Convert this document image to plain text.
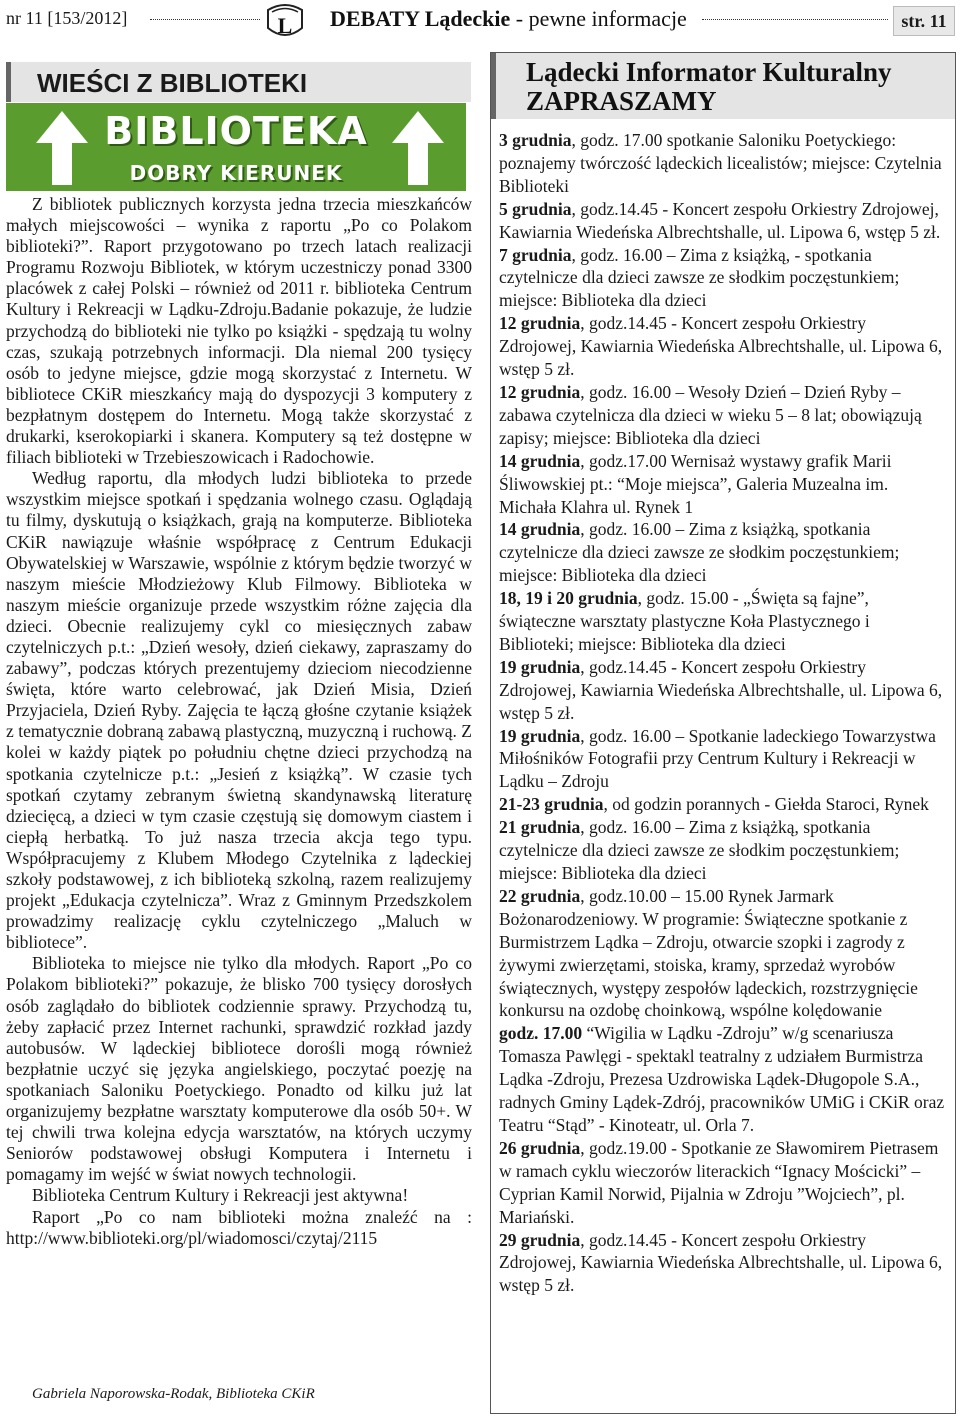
nr 11 [153/2012]	L DEBATY Lądeckie - pewne informacje	str. 11
WIEŚCI Z BIBLIOTEKI
BIBLIOTEKA
DOBRY KIERUNEK

Z bibliotek publicznych korzysta jedna trzecia mieszkańców małych miejscowości – wynika z raportu „Po co Polakom biblioteki?”. Raport przygotowano po trzech latach realizacji Programu Rozwoju Bibliotek, w którym uczestniczy ponad 3300 placówek z całej Polski – również od 2011 r. biblioteka Centrum Kultury i Rekreacji w Lądku-Zdroju.Badanie pokazuje, że ludzie przychodzą do biblioteki nie tylko po książki - spędzają tu wolny czas, szukają potrzebnych informacji. Dla niemal 200 tysięcy osób to jedyne miejsce, gdzie mogą skorzystać z Internetu. W bibliotece CKiR mieszkańcy mają do dyspozycji 3 komputery z bezpłatnym dostępem do Internetu. Mogą także skorzystać z drukarki, kserokopiarki i skanera. Komputery są też dostępne w filiach biblioteki w Trzebieszowicach i Radochowie.

Według raportu, dla młodych ludzi biblioteka to przede wszystkim miejsce spotkań i spędzania wolnego czasu. Oglądają tu filmy, dyskutują o książkach, grają na komputerze. Biblioteka CKiR nawiązuje właśnie współpracę z Centrum Edukacji Obywatelskiej w Warszawie, wspólnie z którym będzie tworzyć w naszym mieście Młodzieżowy Klub Filmowy. Biblioteka w naszym mieście organizuje przede wszystkim różne zajęcia dla dzieci. Obecnie realizujemy cykl co miesięcznych zabaw czytelniczych p.t.: „Dzień wesoły, dzień ciekawy, zapraszamy do zabawy”, podczas których prezentujemy dzieciom niecodzienne święta, które warto celebrować, jak Dzień Misia, Dzień Przyjaciela, Dzień Ryby. Zajęcia te łączą głośne czytanie książek z tematycznie dobraną zabawą plastyczną, muzyczną i ruchową. Z kolei w każdy piątek po południu chętne dzieci przychodzą na spotkania czytelnicze p.t.: „Jesień z książką”. W czasie tych spotkań czytamy zebranym świetną skandynawską literaturę dziecięcą, a dzieci w tym czasie częstują się domowym ciastem i ciepłą herbatką. To już nasza trzecia akcja tego typu. Współpracujemy z Klubem Młodego Czytelnika z lądeckiej szkoły podstawowej, z ich biblioteką szkolną, razem realizujemy projekt „Edukacja czytelnicza”. Wraz z Gminnym Przedszkolem prowadzimy realizację cyklu czytelniczego „Maluch w bibliotece”.

Biblioteka to miejsce nie tylko dla młodych. Raport „Po co Polakom biblioteki?” pokazuje, że blisko 700 tysięcy dorosłych osób zaglądało do bibliotek codziennie sprawy. Przychodzą tu, żeby zapłacić przez Internet rachunki, sprawdzić rozkład jazdy autobusów. W lądeckiej bibliotece dorośli mogą również bezpłatnie uczyć się języka angielskiego, poczytać poezję na spotkaniach Saloniku Poetyckiego. Ponadto od kilku już lat organizujemy bezpłatne warsztaty komputerowe dla osób 50+. W tej chwili trwa kolejna edycja warsztatów, na których uczymy Seniorów podstawowej obsługi Komputera i Internetu i pomagamy im wejść w świat nowych technologii.

Biblioteka Centrum Kultury i Rekreacji jest aktywna!

Raport „Po co nam biblioteki można znaleźć na : http://www.biblioteki.org/pl/wiadomosci/czytaj/2115

Gabriela Naporowska-Rodak, Biblioteka CKiR
Lądecki Informator Kulturalny
ZAPRASZAMY

3 grudnia, godz. 17.00 spotkanie Saloniku Poetyckiego: poznajemy twórczość lądeckich licealistów; miejsce: Czytelnia Biblioteki

5 grudnia, godz.14.45 - Koncert zespołu Orkiestry Zdrojowej, Kawiarnia Wiedeńska Albrechtshalle, ul. Lipowa 6, wstęp 5 zł.

7 grudnia, godz. 16.00 – Zima z książką, - spotkania czytelnicze dla dzieci zawsze ze słodkim poczęstunkiem; miejsce: Biblioteka dla dzieci

12 grudnia, godz.14.45 - Koncert zespołu Orkiestry Zdrojowej, Kawiarnia Wiedeńska Albrechtshalle, ul. Lipowa 6, wstęp 5 zł.

12 grudnia, godz. 16.00 – Wesoły Dzień – Dzień Ryby – zabawa czytelnicza dla dzieci w wieku 5 – 8 lat; obowiązują zapisy; miejsce: Biblioteka dla dzieci

14 grudnia, godz.17.00 Wernisaż wystawy grafik Marii Śliwowskiej pt.: “Moje miejsca”, Galeria Muzealna im. Michała Klahra ul. Rynek 1

14 grudnia, godz. 16.00 – Zima z książką, spotkania czytelnicze dla dzieci zawsze ze słodkim poczęstunkiem; miejsce: Biblioteka dla dzieci

18, 19 i 20 grudnia, godz. 15.00 - „Święta są fajne”, świąteczne warsztaty plastyczne Koła Plastycznego i Biblioteki; miejsce: Biblioteka dla dzieci

19 grudnia, godz.14.45 - Koncert zespołu Orkiestry Zdrojowej, Kawiarnia Wiedeńska Albrechtshalle, ul. Lipowa 6, wstęp 5 zł.

19 grudnia, godz. 16.00 – Spotkanie ladeckiego Towarzystwa Miłośników Fotografii przy Centrum Kultury i Rekreacji w Lądku – Zdroju

21-23 grudnia, od godzin porannych - Giełda Staroci, Rynek

21 grudnia, godz. 16.00 – Zima z książką, spotkania czytelnicze dla dzieci zawsze ze słodkim poczęstunkiem; miejsce: Biblioteka dla dzieci

22 grudnia, godz.10.00 – 15.00 Rynek Jarmark Bożonarodzeniowy. W programie: Świąteczne spotkanie z Burmistrzem Lądka – Zdroju, otwarcie szopki i zagrody z żywymi zwierzętami, stoiska, kramy, sprzedaż wyrobów świątecznych, występy zespołów lądeckich, rozstrzygnięcie konkursu na ozdobę choinkową, wspólne kolędowanie

godz. 17.00 “Wigilia w Lądku -Zdroju” w/g scenariusza Tomasza Pawlęgi - spektakl teatralny z udziałem Burmistrza Lądka -Zdroju, Prezesa Uzdrowiska Lądek-Długopole S.A., radnych Gminy Lądek-Zdrój, pracowników UMiG i CKiR oraz Teatru “Stąd” - Kinoteatr, ul. Orla 7.

26 grudnia, godz.19.00 - Spotkanie ze Sławomirem Pietrasem w ramach cyklu wieczorów literackich “Ignacy Mościcki” – Cyprian Kamil Norwid, Pijalnia w Zdroju ”Wojciech”, pl. Mariański.

29 grudnia, godz.14.45 - Koncert zespołu Orkiestry Zdrojowej, Kawiarnia Wiedeńska Albrechtshalle, ul. Lipowa 6, wstęp 5 zł.
